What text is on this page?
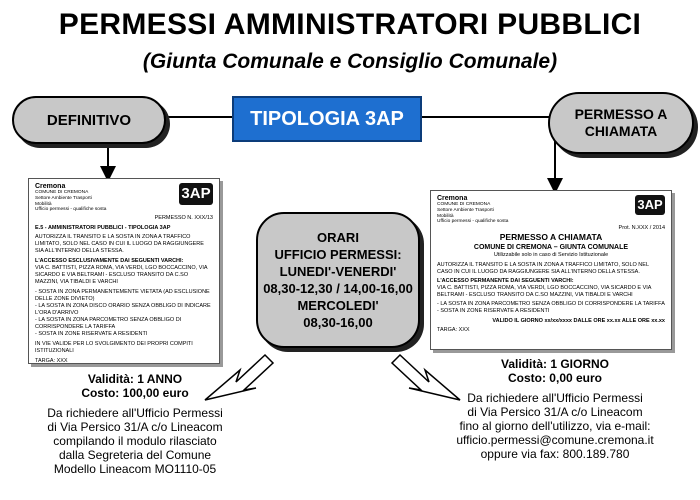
PERMESSI AMMINISTRATORI PUBBLICI
(Giunta Comunale e Consiglio Comunale)
DEFINITIVO	PERMESSO A
CHIAMATA
TIPOLOGIA 3AP
Cremona
COMUNE DI CREMONA
Settore Ambiente Trasporti
Mobilità
Ufficio permessi - qualifiche sosta
3AP
PERMESSO N. XXX/13
E.5 - AMMINISTRATORI PUBBLICI - TIPOLOGIA 3AP
AUTORIZZA IL TRANSITO E LA SOSTA IN ZONA A TRAFFICO LIMITATO, SOLO NEL CASO IN CUI IL LUOGO DA RAGGIUNGERE SIA ALL'INTERNO DELLA STESSA.
L'ACCESSO ESCLUSIVAMENTE DAI SEGUENTI VARCHI:
VIA C. BATTISTI, PIZZA ROMA, VIA VERDI, LGO BOCCACCINO, VIA SICARDO E VIA BELTRAMI - ESCLUSO TRANSITO DA C.SO MAZZINI, VIA TIBALDI E VARCHI
- SOSTA IN ZONA PERMANENTEMENTE VIETATA (AD ESCLUSIONE DELLE ZONE DIVIETO)
- LA SOSTA IN ZONA DISCO ORARIO SENZA OBBLIGO DI INDICARE L'ORA D'ARRIVO
- LA SOSTA IN ZONA PARCOMETRO SENZA OBBLIGO DI CORRISPONDERE LA TARIFFA
- SOSTA IN ZONE RISERVATE A RESIDENTI
IN VIE VALIDE PER LO SVOLGIMENTO DEI PROPRI COMPITI ISTITUZIONALI
TARGA: XXX
Cremona
COMUNE DI CREMONA
Settore Ambiente Trasporti
Mobilità
Ufficio permessi - qualifiche sosta
3AP
Prot. N.XXX / 2014
PERMESSO A CHIAMATA
COMUNE DI CREMONA – GIUNTA COMUNALE
Utilizzabile solo in caso di Servizio Istituzionale
AUTORIZZA IL TRANSITO E LA SOSTA IN ZONA A TRAFFICO LIMITATO, SOLO NEL CASO IN CUI IL LUOGO DA RAGGIUNGERE SIA ALL'INTERNO DELLA STESSA.
L'ACCESSO PERMANENTE DAI SEGUENTI VARCHI:
VIA C. BATTISTI, PIZZA ROMA, VIA VERDI, LGO BOCCACCINO, VIA SICARDO E VIA BELTRAMI - ESCLUSO TRANSITO DA C.SO MAZZINI, VIA TIBALDI E VARCHI
- LA SOSTA IN ZONA PARCOMETRO SENZA OBBLIGO DI CORRISPONDERE LA TARIFFA
- SOSTA IN ZONE RISERVATE A RESIDENTI
VALIDO IL GIORNO xx/xx/xxxx DALLE ORE xx.xx ALLE ORE xx.xx
TARGA: XXX
ORARI
UFFICIO PERMESSI:
LUNEDI'-VENERDI'
08,30-12,30 / 14,00-16,00
MERCOLEDI'
08,30-16,00
Validità: 1 ANNO
Costo: 100,00 euro
Da richiedere all'Ufficio Permessi
di Via Persico 31/A c/o Lineacom
compilando il modulo rilasciato
dalla Segreteria del Comune
Modello Lineacom MO1110-05
Validità: 1 GIORNO
Costo: 0,00 euro
Da richiedere all'Ufficio Permessi
di Via Persico 31/A c/o Lineacom
fino al giorno dell'utilizzo, via e-mail:
ufficio.permessi@comune.cremona.it
oppure via fax: 800.189.780
